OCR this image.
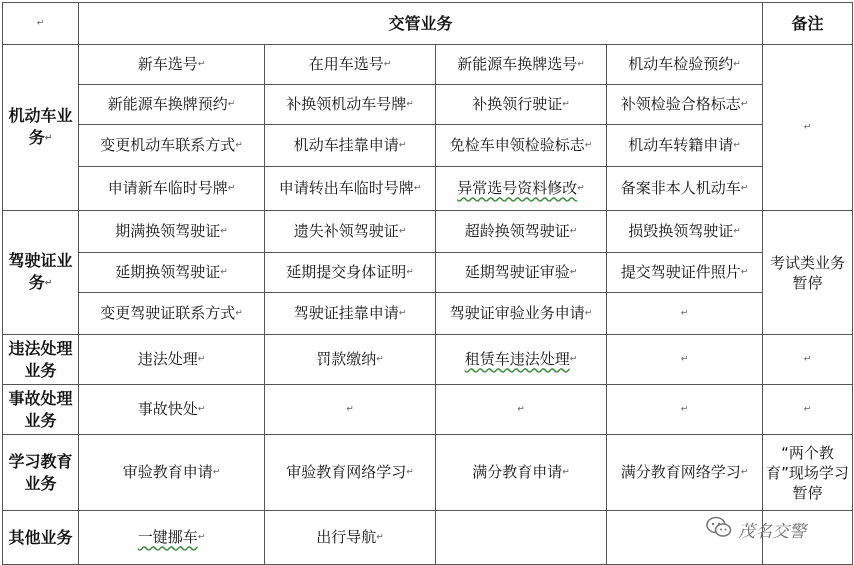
↵	交管业务				备注
机动车业务↵	新车选号↵	在用车选号↵	新能源车换牌选号↵	机动车检验预约↵	↵
	新能源车换牌预约↵	补换领机动车号牌↵	补换领行驶证↵	补领检验合格标志↵	
	变更机动车联系方式↵	机动车挂靠申请↵	免检车申领检验标志↵	机动车转籍申请↵	
	申请新车临时号牌↵	申请转出车临时号牌↵	异常选号资料修改↵	备案非本人机动车↵	
驾驶证业务↵	期满换领驾驶证↵	遗失补领驾驶证↵	超龄换领驾驶证↵	损毁换领驾驶证↵	考试类业务暂停
	延期换领驾驶证↵	延期提交身体证明↵	延期驾驶证审验↵	提交驾驶证件照片↵	
	变更驾驶证联系方式↵	驾驶证挂靠申请↵	驾驶证审验业务申请↵	↵	
违法处理业务	违法处理↵	罚款缴纳↵	租赁车违法处理↵	↵	↵
事故处理业务	事故快处↵	↵	↵	↵	↵
学习教育业务	审验教育申请↵	审验教育网络学习↵	满分教育申请↵	满分教育网络学习↵	“两个教育”现场学习暂停
其他业务	一键挪车↵	出行导航↵				茂名交警
